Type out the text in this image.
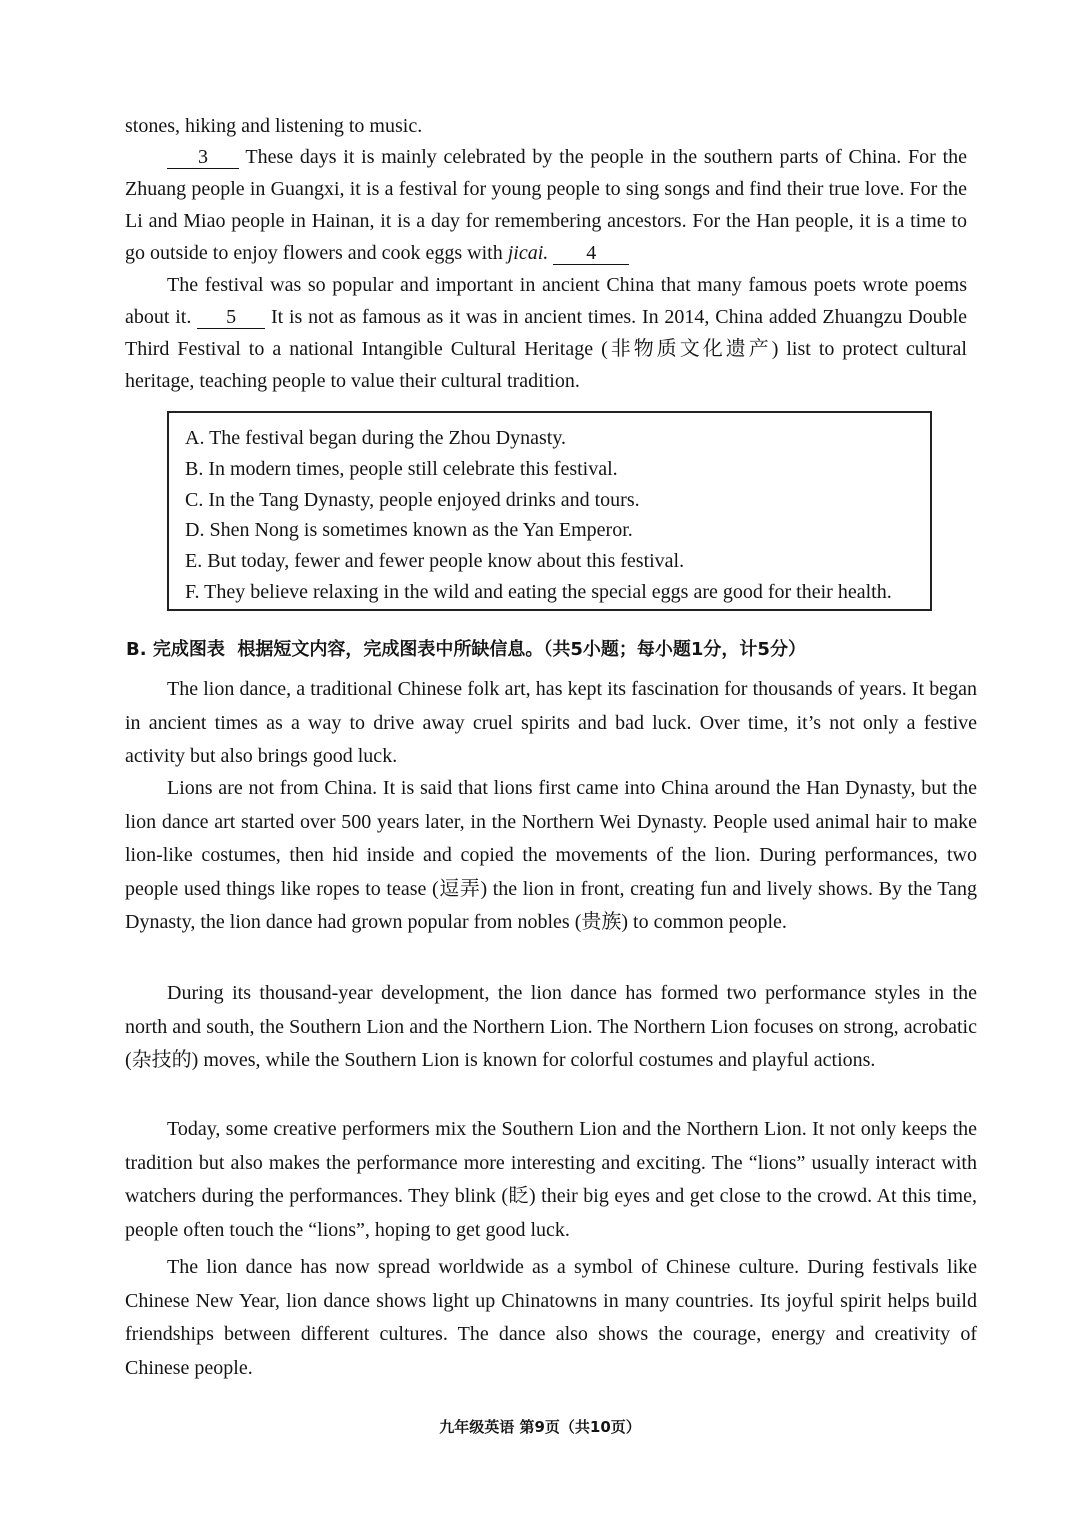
stones, hiking and listening to music.

3 These days it is mainly celebrated by the people in the southern parts of China. For the Zhuang people in Guangxi, it is a festival for young people to sing songs and find their true love. For the Li and Miao people in Hainan, it is a day for remembering ancestors. For the Han people, it is a time to go outside to enjoy flowers and cook eggs with jicai. 4

The festival was so popular and important in ancient China that many famous poets wrote poems about it. 5 It is not as famous as it was in ancient times. In 2014, China added Zhuangzu Double Third Festival to a national Intangible Cultural Heritage (非物质文化遗产) list to protect cultural heritage, teaching people to value their cultural tradition.

A. The festival began during the Zhou Dynasty.
B. In modern times, people still celebrate this festival.
C. In the Tang Dynasty, people enjoyed drinks and tours.
D. Shen Nong is sometimes known as the Yan Emperor.
E. But today, fewer and fewer people know about this festival.
F. They believe relaxing in the wild and eating the special eggs are good for their health.
B. 完成图表 根据短文内容，完成图表中所缺信息。（共5小题；每小题1分，计5分）

The lion dance, a traditional Chinese folk art, has kept its fascination for thousands of years. It began in ancient times as a way to drive away cruel spirits and bad luck. Over time, it’s not only a festive activity but also brings good luck.

Lions are not from China. It is said that lions first came into China around the Han Dynasty, but the lion dance art started over 500 years later, in the Northern Wei Dynasty. People used animal hair to make lion-like costumes, then hid inside and copied the movements of the lion. During performances, two people used things like ropes to tease (逗弄) the lion in front, creating fun and lively shows. By the Tang Dynasty, the lion dance had grown popular from nobles (贵族) to common people.

During its thousand-year development, the lion dance has formed two performance styles in the north and south, the Southern Lion and the Northern Lion. The Northern Lion focuses on strong, acrobatic (杂技的) moves, while the Southern Lion is known for colorful costumes and playful actions.

Today, some creative performers mix the Southern Lion and the Northern Lion. It not only keeps the tradition but also makes the performance more interesting and exciting. The “lions” usually interact with watchers during the performances. They blink (眨) their big eyes and get close to the crowd. At this time, people often touch the “lions”, hoping to get good luck.

The lion dance has now spread worldwide as a symbol of Chinese culture. During festivals like Chinese New Year, lion dance shows light up Chinatowns in many countries. Its joyful spirit helps build friendships between different cultures. The dance also shows the courage, energy and creativity of Chinese people.

九年级英语 第9页（共10页）
